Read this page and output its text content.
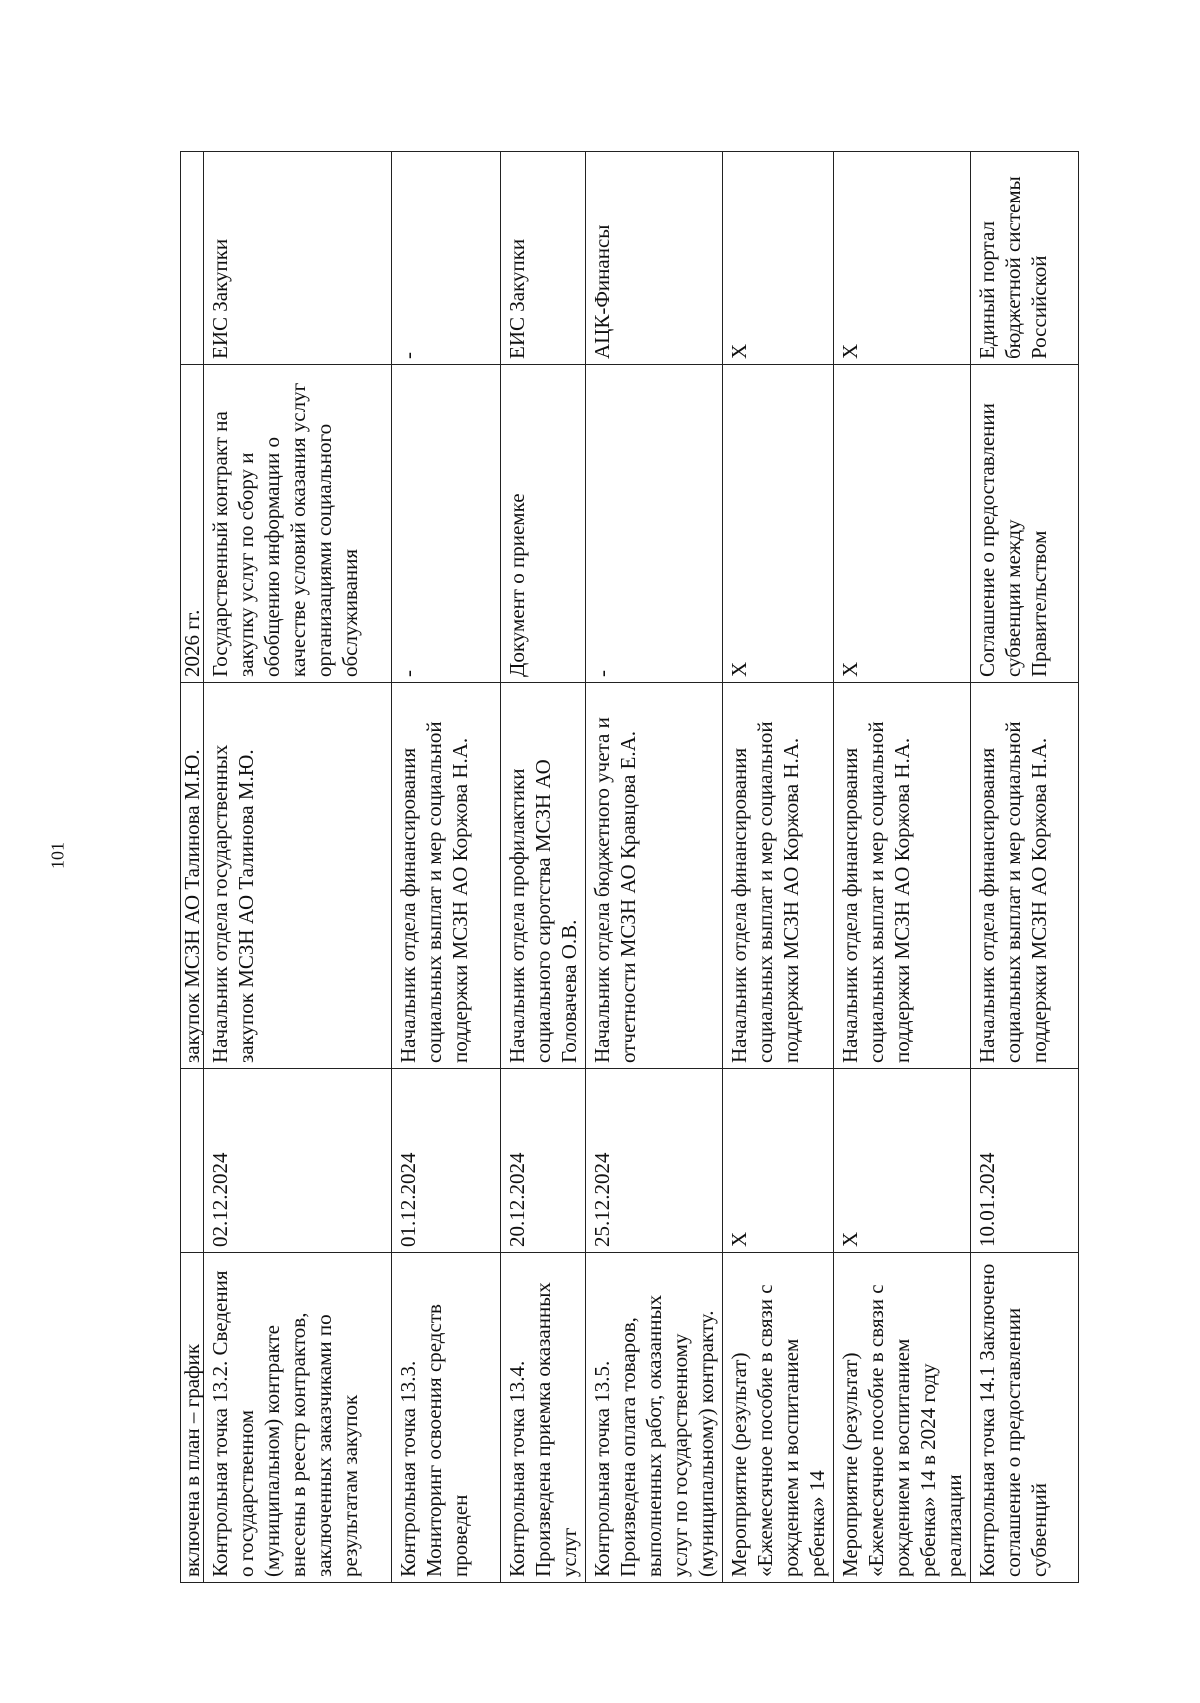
101
включена в план – график		закупок МСЗН АО Талинова М.Ю.	2026 гг.	
Контрольная точка 13.2. Сведения о государственном (муниципальном) контракте внесены в реестр контрактов, заключенных заказчиками по результатам закупок	02.12.2024	Начальник отдела государственных закупок МСЗН АО Талинова М.Ю.	Государственный контракт на закупку услуг по сбору и обобщению информации о качестве условий оказания услуг организациями социального обслуживания	ЕИС Закупки
Контрольная точка 13.3. Мониторинг освоения средств проведен	01.12.2024	Начальник отдела финансирования социальных выплат и мер социальной поддержки МСЗН АО Коржова Н.А.	-	-
Контрольная точка 13.4. Произведена приемка оказанных услуг	20.12.2024	Начальник отдела профилактики социального сиротства МСЗН АО Головачева О.В.	Документ о приемке	ЕИС Закупки
Контрольная точка 13.5. Произведена оплата товаров, выполненных работ, оказанных услуг по государственному (муниципальному) контракту.	25.12.2024	Начальник отдела бюджетного учета и отчетности МСЗН АО Кравцова Е.А.	-	АЦК-Финансы
Мероприятие (результат) «Ежемесячное пособие в связи с рождением и воспитанием ребенка» 14	Х	Начальник отдела финансирования социальных выплат и мер социальной поддержки МСЗН АО Коржова Н.А.	Х	Х
Мероприятие (результат) «Ежемесячное пособие в связи с рождением и воспитанием ребенка» 14 в 2024 году реализации	Х	Начальник отдела финансирования социальных выплат и мер социальной поддержки МСЗН АО Коржова Н.А.	Х	Х
Контрольная точка 14.1 Заключено соглашение о предоставлении субвенций	10.01.2024	Начальник отдела финансирования социальных выплат и мер социальной поддержки МСЗН АО Коржова Н.А.	Соглашение о предоставлении субвенции между Правительством	Единый портал бюджетной системы Российской
